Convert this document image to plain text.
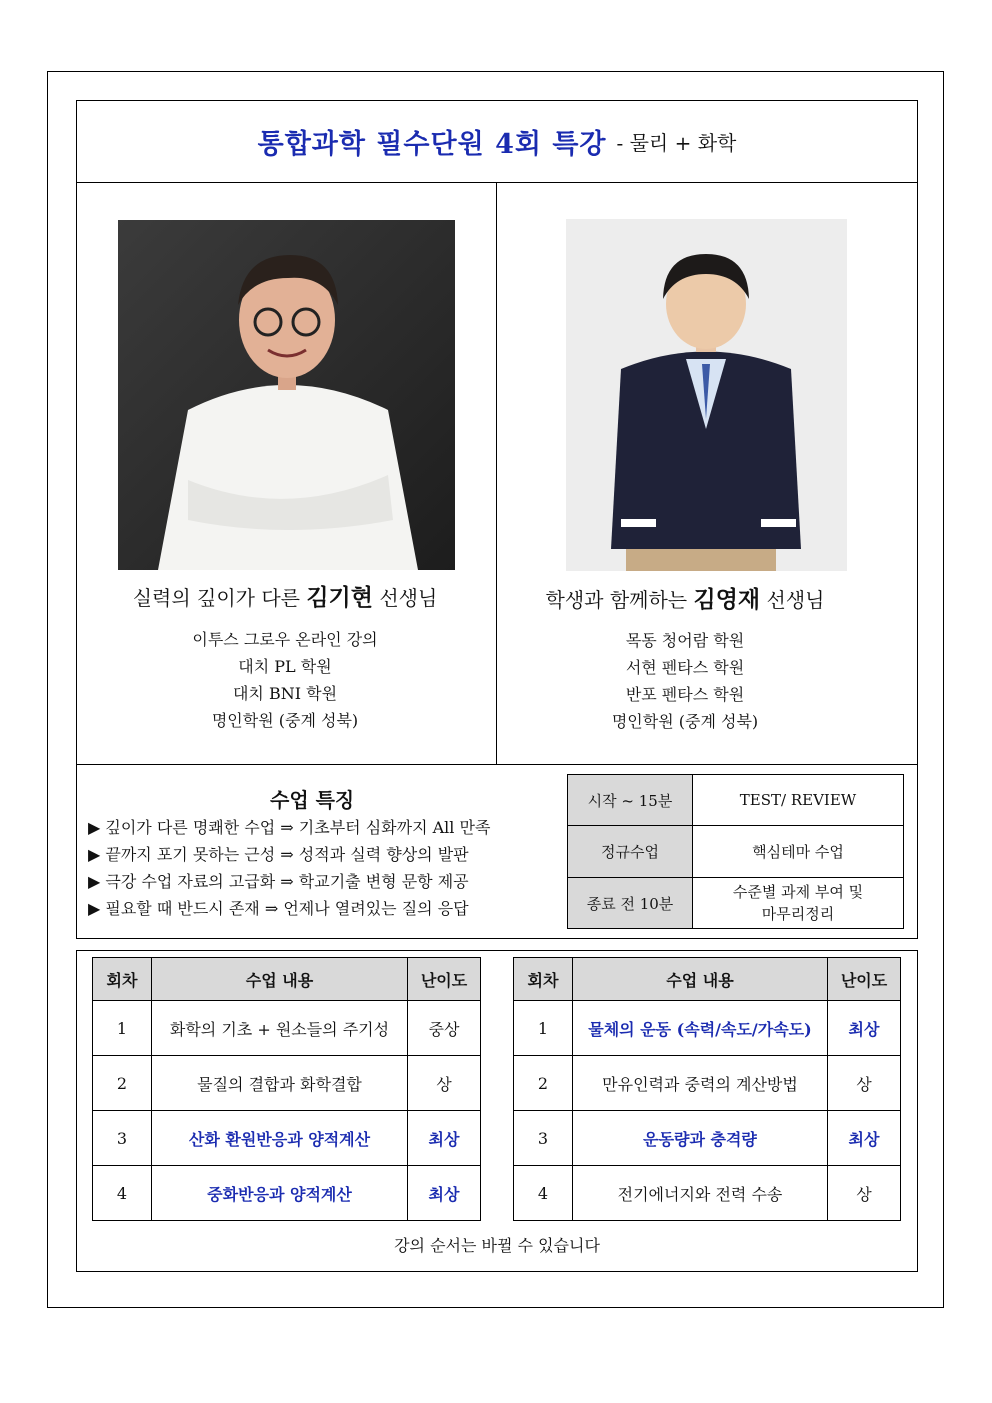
통합과학 필수단원 4회 특강 - 물리 + 화학
실력의 깊이가 다른 김기현 선생님
이투스 그로우 온라인 강의
대치 PL 학원
대치 BNI 학원
명인학원 (중계 성북)
학생과 함께하는 김영재 선생님
목동 청어람 학원
서현 펜타스 학원
반포 펜타스 학원
명인학원 (중계 성북)
수업 특징
▶ 깊이가 다른 명쾌한 수업 ⇒ 기초부터 심화까지 All 만족
▶ 끝까지 포기 못하는 근성 ⇒ 성적과 실력 향상의 발판
▶ 극강 수업 자료의 고급화 ⇒ 학교기출 변형 문항 제공
▶ 필요할 때 반드시 존재 ⇒ 언제나 열려있는 질의 응답
시작 ~ 15분	TEST/ REVIEW
정규수업	핵심테마 수업
종료 전 10분	수준별 과제 부여 및
마무리정리
회차	수업 내용	난이도
1	화학의 기초 + 원소들의 주기성	중상
2	물질의 결합과 화학결합	상
3	산화 환원반응과 양적계산	최상
4	중화반응과 양적계산	최상
회차	수업 내용	난이도
1	물체의 운동 (속력/속도/가속도)	최상
2	만유인력과 중력의 계산방법	상
3	운동량과 충격량	최상
4	전기에너지와 전력 수송	상
강의 순서는 바뀔 수 있습니다
